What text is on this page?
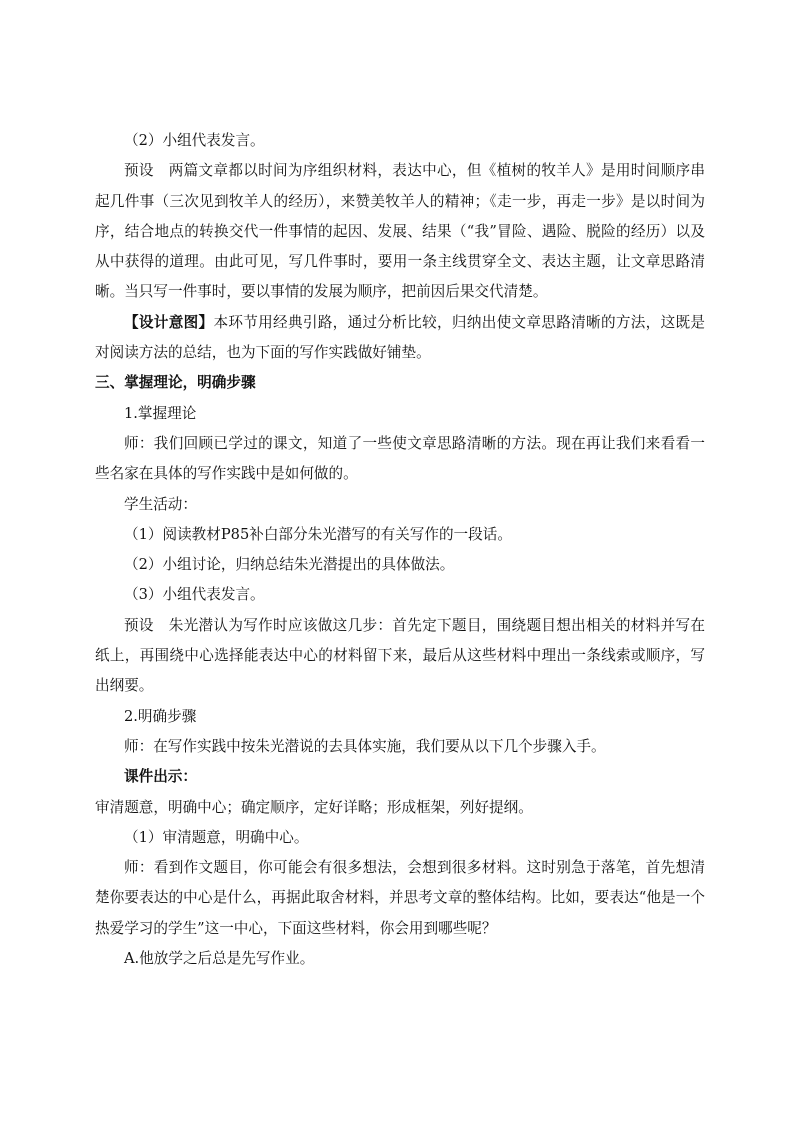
（2）小组代表发言。

预设　两篇文章都以时间为序组织材料，表达中心，但《植树的牧羊人》是用时间顺序串起几件事（三次见到牧羊人的经历），来赞美牧羊人的精神；《走一步，再走一步》是以时间为序，结合地点的转换交代一件事情的起因、发展、结果（“我”冒险、遇险、脱险的经历）以及从中获得的道理。由此可见，写几件事时，要用一条主线贯穿全文、表达主题，让文章思路清晰。当只写一件事时，要以事情的发展为顺序，把前因后果交代清楚。

【设计意图】本环节用经典引路，通过分析比较，归纳出使文章思路清晰的方法，这既是对阅读方法的总结，也为下面的写作实践做好铺垫。

三、掌握理论，明确步骤

1.掌握理论

师：我们回顾已学过的课文，知道了一些使文章思路清晰的方法。现在再让我们来看看一些名家在具体的写作实践中是如何做的。

学生活动：

（1）阅读教材P85补白部分朱光潜写的有关写作的一段话。

（2）小组讨论，归纳总结朱光潜提出的具体做法。

（3）小组代表发言。

预设　朱光潜认为写作时应该做这几步：首先定下题目，围绕题目想出相关的材料并写在纸上，再围绕中心选择能表达中心的材料留下来，最后从这些材料中理出一条线索或顺序，写出纲要。

2.明确步骤

师：在写作实践中按朱光潜说的去具体实施，我们要从以下几个步骤入手。

课件出示：

审清题意，明确中心；确定顺序，定好详略；形成框架，列好提纲。

（1）审清题意，明确中心。

师：看到作文题目，你可能会有很多想法，会想到很多材料。这时别急于落笔，首先想清楚你要表达的中心是什么，再据此取舍材料，并思考文章的整体结构。比如，要表达“他是一个热爱学习的学生”这一中心，下面这些材料，你会用到哪些呢？

A.他放学之后总是先写作业。
